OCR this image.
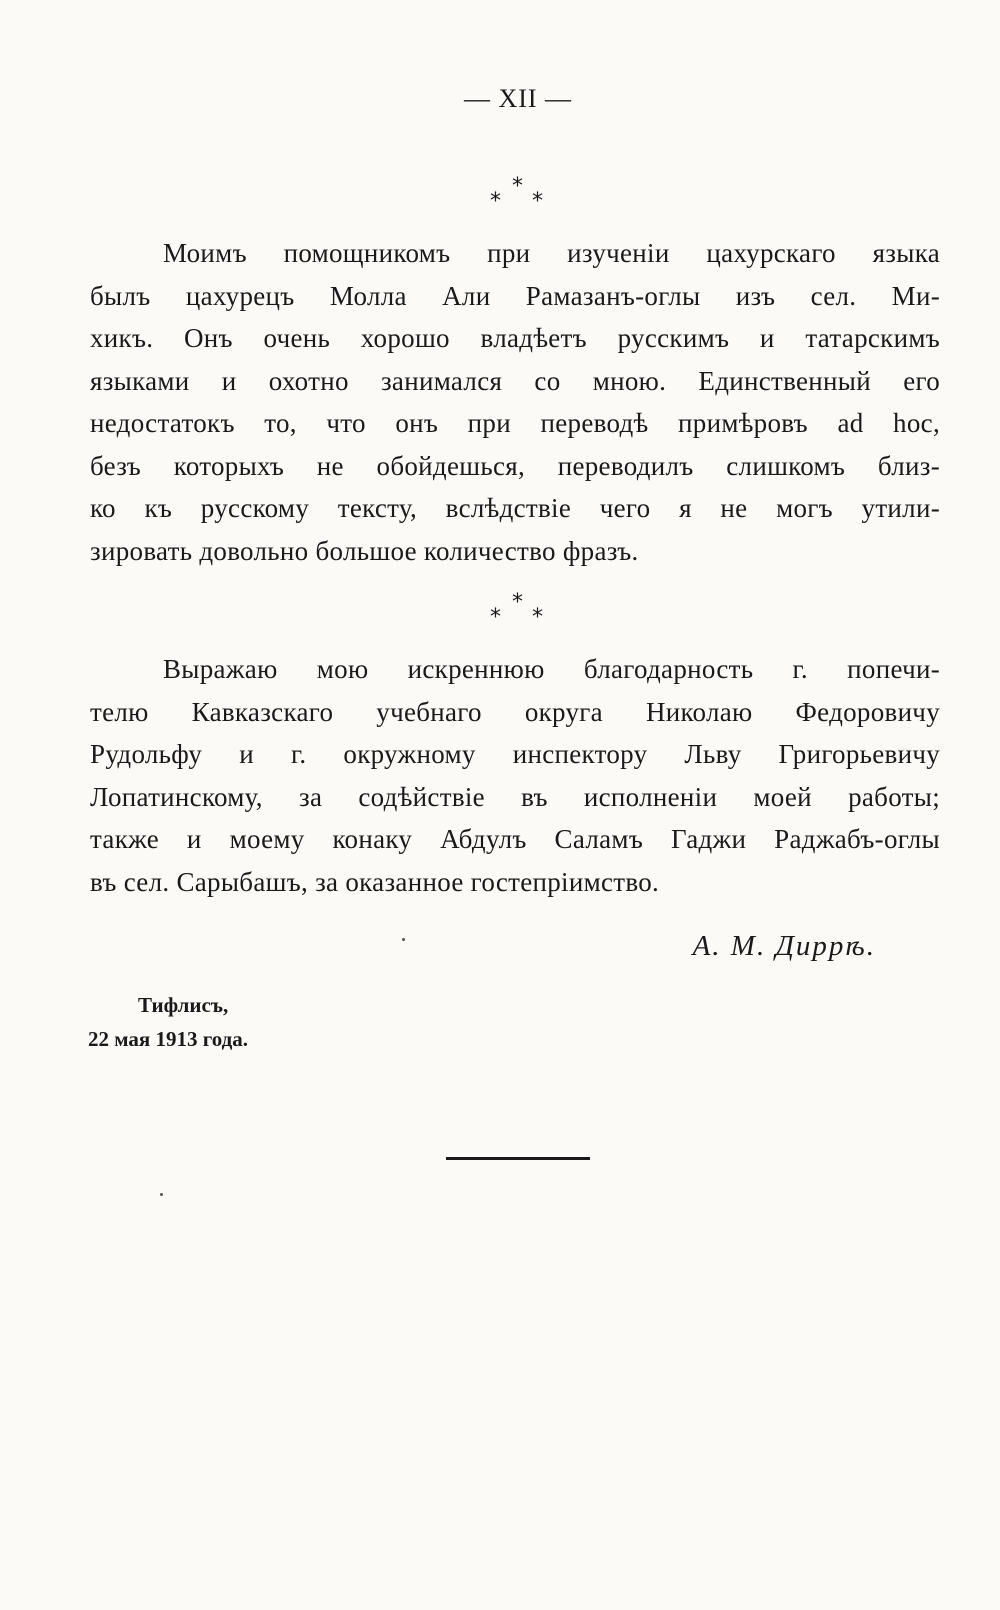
— XII —
*
* *
Моимъ помощникомъ при изученіи цахурскаго языка
былъ цахурецъ Молла Али Рамазанъ-оглы изъ сел. Ми-
хикъ. Онъ очень хорошо владѣетъ русскимъ и татарскимъ
языками и охотно занимался со мною. Единственный его
недостатокъ то, что онъ при переводѣ примѣровъ ad hoc,
безъ которыхъ не обойдешься, переводилъ слишкомъ близ-
ко къ русскому тексту, вслѣдствіе чего я не могъ утили-
зировать довольно большое количество фразъ.
*
* *
Выражаю мою искреннюю благодарность г. попечи-
телю Кавказскаго учебнаго округа Николаю Федоровичу
Рудольфу и г. окружному инспектору Льву Григорьевичу
Лопатинскому, за содѣйствіе въ исполненіи моей работы;
также и моему конаку Абдулъ Саламъ Гаджи Раджабъ-оглы
въ сел. Сарыбашъ, за оказанное гостепріимство.
А. М. Диррѣ.
Тифлисъ,
22 мая 1913 года.
